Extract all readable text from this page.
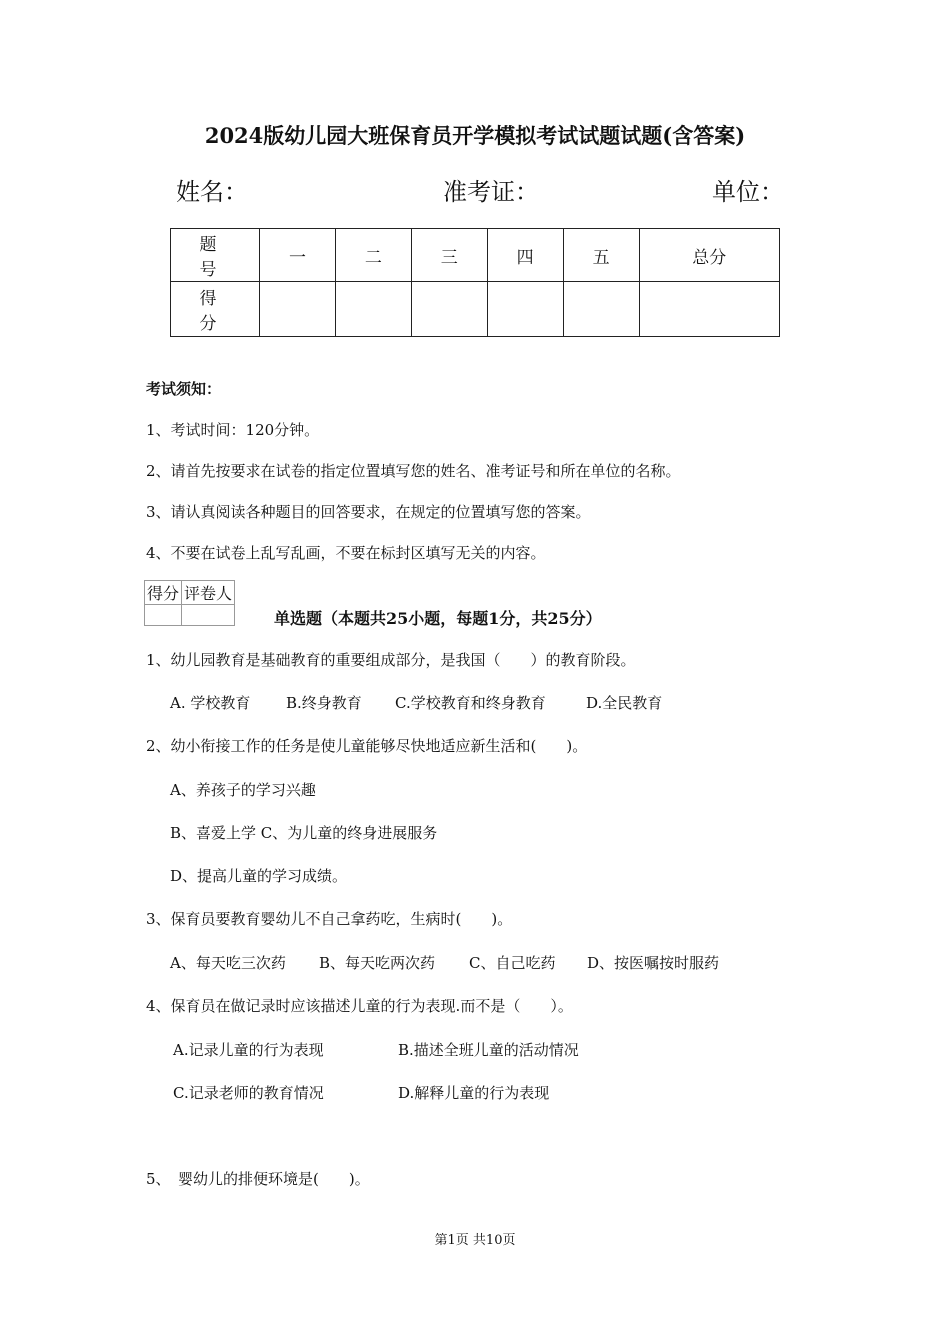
2024版幼儿园大班保育员开学模拟考试试题试题(含答案)
姓名：	准考证：	单位：
题　号	一	二	三	四	五	总分
得　分						
考试须知：
1、考试时间：120分钟。
2、请首先按要求在试卷的指定位置填写您的姓名、准考证号和所在单位的名称。
3、请认真阅读各种题目的回答要求，在规定的位置填写您的答案。
4、不要在试卷上乱写乱画，不要在标封区填写无关的内容。
得分	评卷人

单选题（本题共25小题，每题1分，共25分）
1、幼儿园教育是基础教育的重要组成部分，是我国（　　）的教育阶段。
A. 学校教育 B.终身教育 C.学校教育和终身教育	D.全民教育
2、幼小衔接工作的任务是使儿童能够尽快地适应新生活和(　　)。
A、养孩子的学习兴趣
B、喜爱上学 C、为儿童的终身进展服务
D、提高儿童的学习成绩。
3、保育员要教育婴幼儿不自己拿药吃，生病时(　　)。
A、每天吃三次药 B、每天吃两次药 C、自己吃药 D、按医嘱按时服药
4、保育员在做记录时应该描述儿童的行为表现.而不是（　　）。
A.记录儿童的行为表现	B.描述全班儿童的活动情况
C.记录老师的教育情况	D.解释儿童的行为表现
5、　婴幼儿的排便环境是(　　)。
第1页 共10页
